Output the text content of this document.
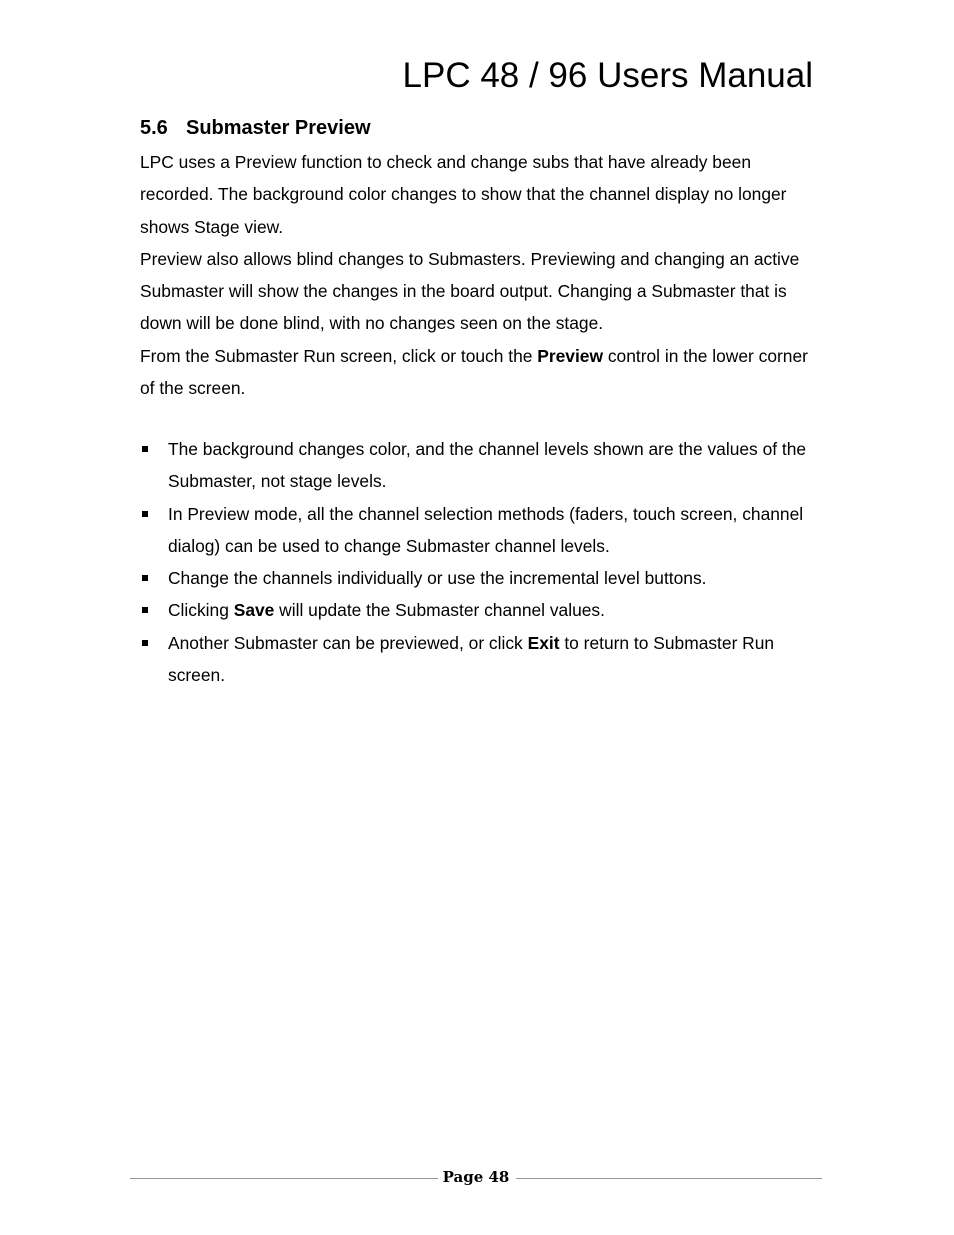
LPC 48 / 96 Users Manual
5.6 Submaster Preview

LPC uses a Preview function to check and change subs that have already been recorded. The background color changes to show that the channel display no longer shows Stage view.

Preview also allows blind changes to Submasters. Previewing and changing an active Submaster will show the changes in the board output. Changing a Submaster that is down will be done blind, with no changes seen on the stage.

From the Submaster Run screen, click or touch the Preview control in the lower corner of the screen.

The background changes color, and the channel levels shown are the values of the Submaster, not stage levels.
In Preview mode, all the channel selection methods (faders, touch screen, channel dialog) can be used to change Submaster channel levels.
Change the channels individually or use the incremental level buttons.
Clicking Save will update the Submaster channel values.
Another Submaster can be previewed, or click Exit to return to Submaster Run screen.
Page 48
